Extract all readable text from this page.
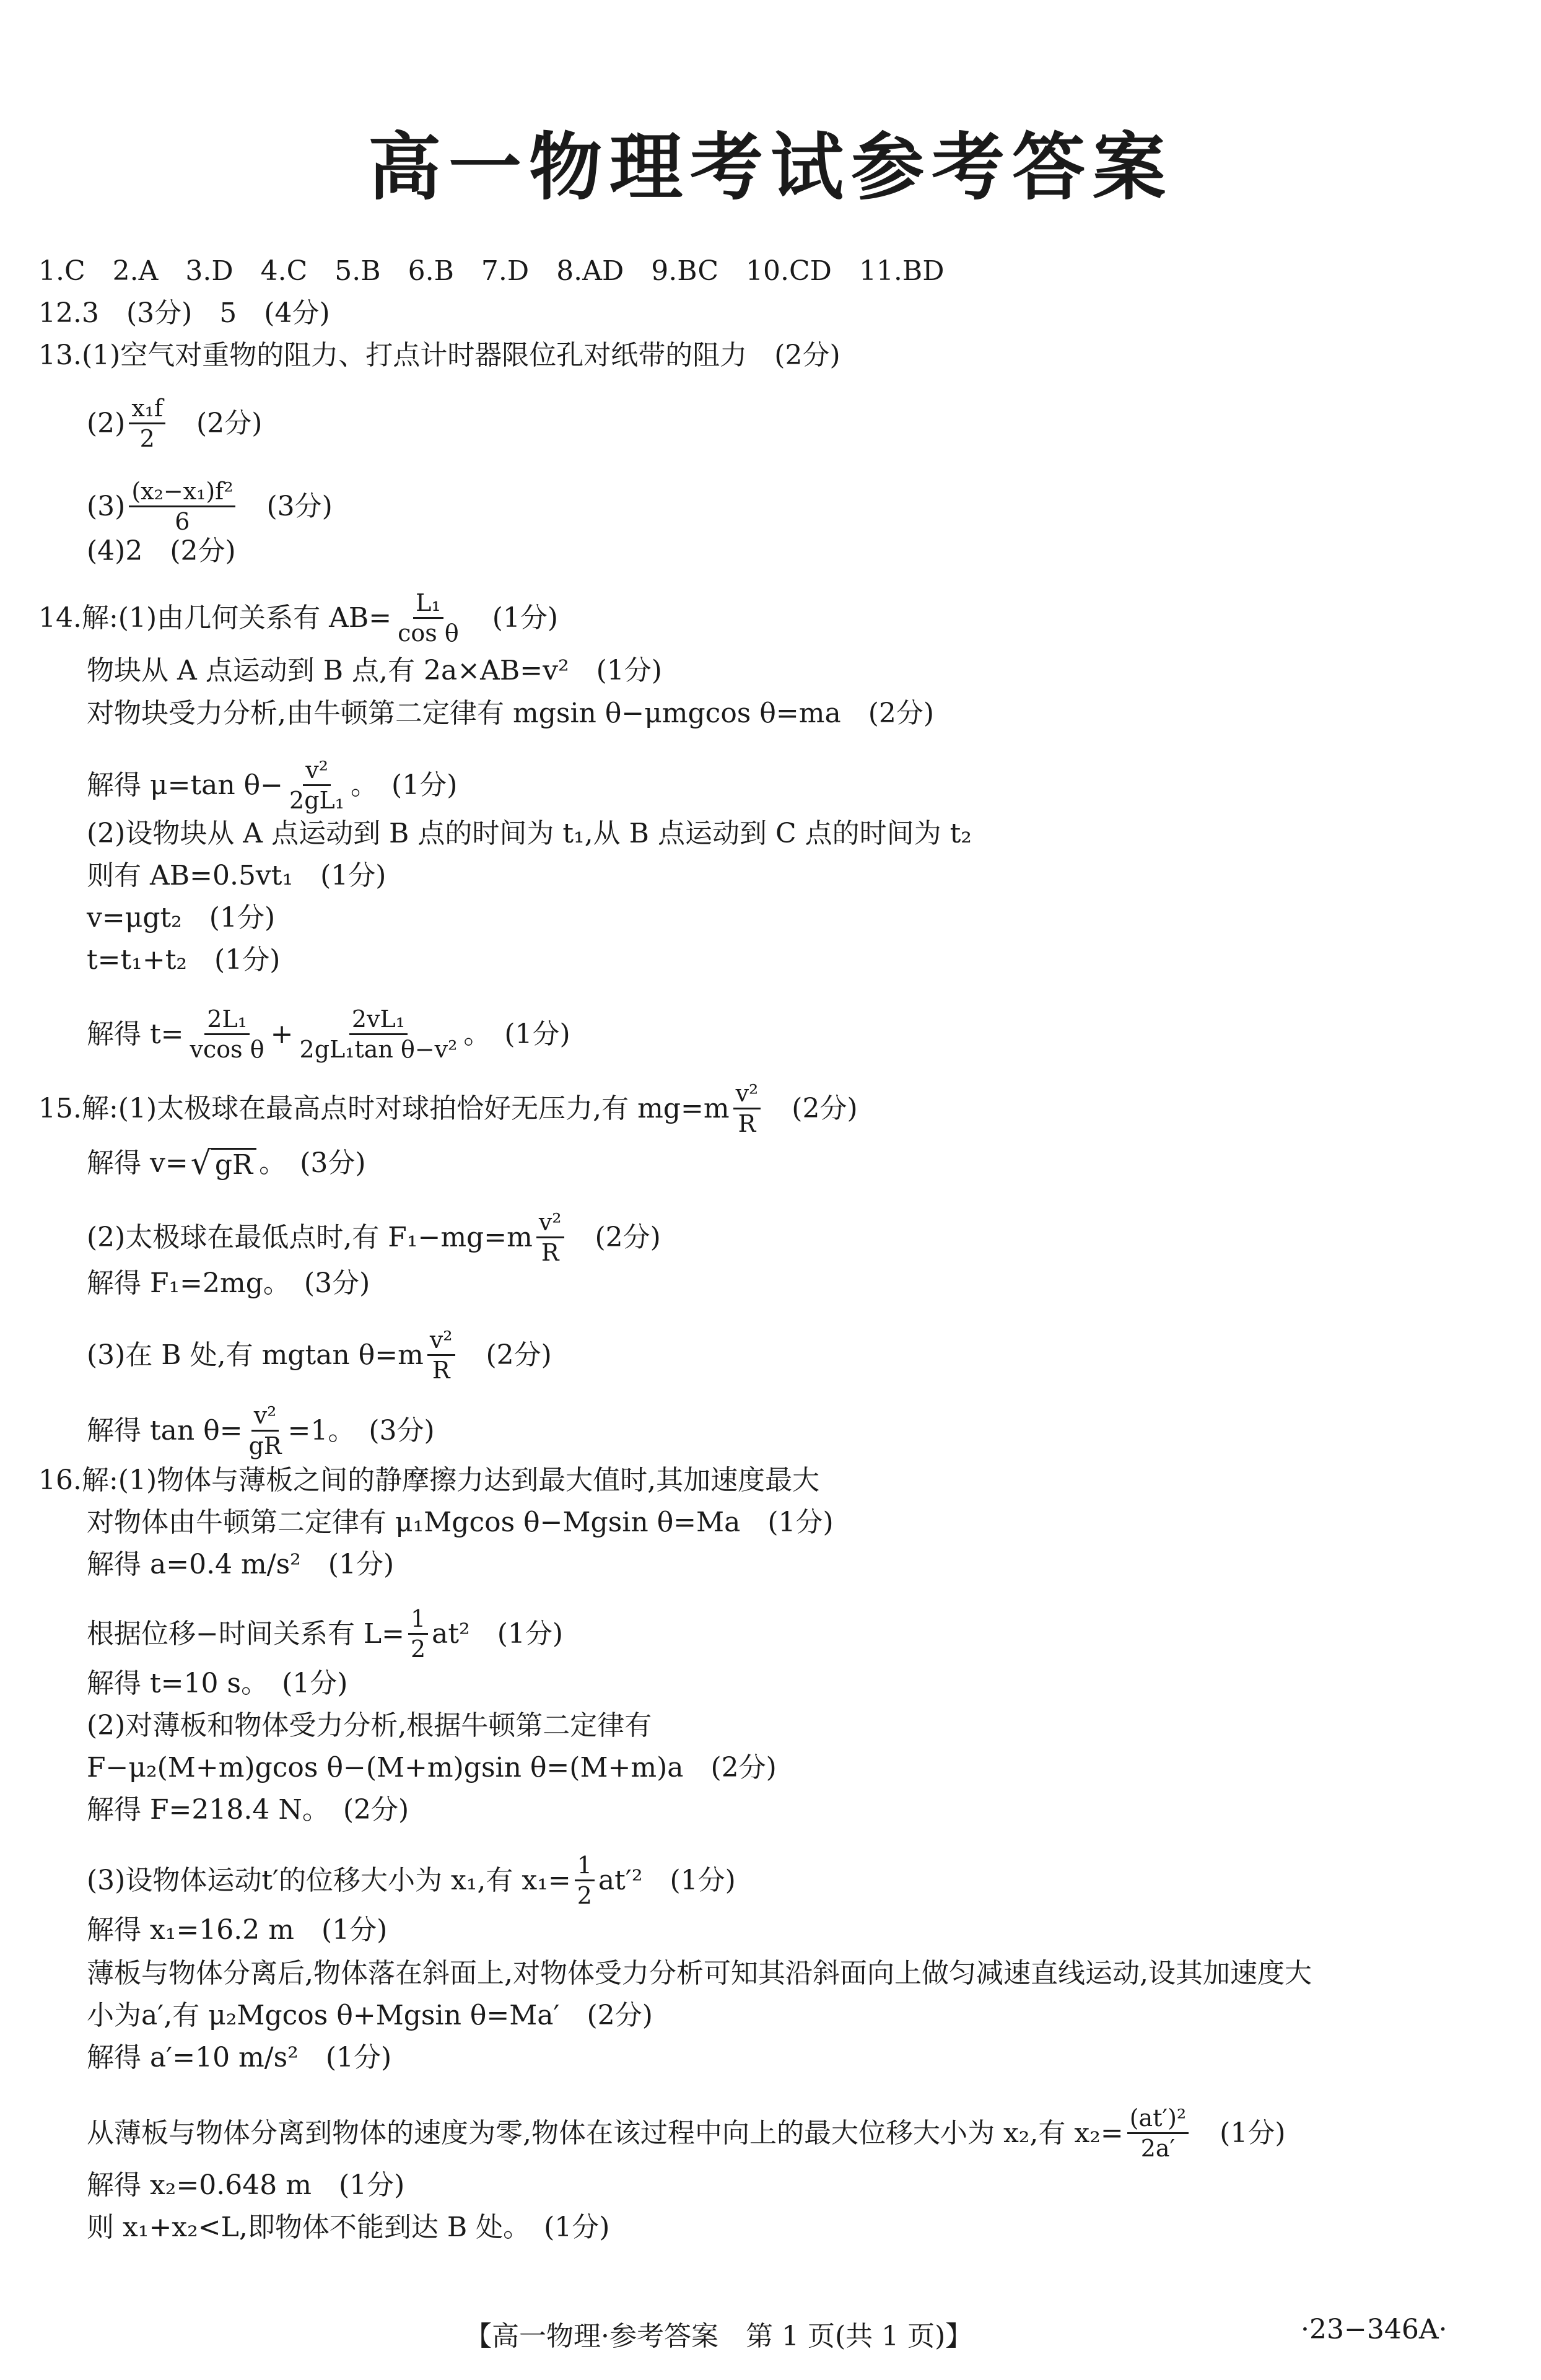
高一物理考试参考答案
1.C　2.A　3.D　4.C　5.B　6.B　7.D　8.AD　9.BC　10.CD　11.BD
12.3　(3分)　5　(4分)
13.(1)空气对重物的阻力、打点计时器限位孔对纸带的阻力　(2分)
$(2) \frac{\text{x₁f}}{2}$ 　(2分)
$(3) \frac{\text{(x₂−x₁)f²}}{6}$ 　(3分)
(4)2　(2分)
14.解:(1)由几何关系有 $AB= \frac{\text{L₁}}{\text{cos θ}}$ 　(1分)
物块从 A 点运动到 B 点,有 2a×AB=v²　(1分)
对物块受力分析,由牛顿第二定律有 mgsin θ−μmgcos θ=ma　(2分)
解得 μ=tan $\theta- \frac{\text{v²}}{\text{2gL₁}}$ 。　(1分)
(2)设物块从 A 点运动到 B 点的时间为 t₁,从 B 点运动到 C 点的时间为 t₂
则有 AB=0.5vt₁　(1分)
v=μgt₂　(1分)
t=t₁+t₂　(1分)
解得 $t= \frac{\text{2L₁}}{\text{vcos θ}} + \frac{\text{2vL₁}}{\text{2gL₁tan θ−v²}}$ 。　(1分)
15.解:(1)太极球在最高点时对球拍恰好无压力,有 $mg=m \frac{\text{v²}}{R}$ 　(2分)
解得 v= √ gR 。　(3分)
(2)太极球在最低点时,有 $F_1-mg=m \frac{\text{v²}}{R}$ 　(2分)
解得 F₁=2mg。　(3分)
(3)在 B 处,有 mgtan $\theta=m \frac{\text{v²}}{R}$ 　(2分)
解得 $\tan \theta= \frac{\text{v²}}{gR} =1$。　(3分)
16.解:(1)物体与薄板之间的静摩擦力达到最大值时,其加速度最大
对物体由牛顿第二定律有 μ₁Mgcos θ−Mgsin θ=Ma　(1分)
解得 a=0.4 m/s²　(1分)
根据位移−时间关系有 $L= \frac{1}{2} at^2$　(1分)
解得 t=10 s。　(1分)
(2)对薄板和物体受力分析,根据牛顿第二定律有
F−μ₂(M+m)gcos θ−(M+m)gsin θ=(M+m)a　(2分)
解得 F=218.4 N。　(2分)
(3)设物体运动t′的位移大小为 x₁,有 $x_1= \frac{1}{2} at'^2$　(1分)
解得 x₁=16.2 m　(1分)
薄板与物体分离后,物体落在斜面上,对物体受力分析可知其沿斜面向上做匀减速直线运动,设其加速度大
小为a′,有 μ₂Mgcos θ+Mgsin θ=Ma′　(2分)
解得 a′=10 m/s²　(1分)
从薄板与物体分离到物体的速度为零,物体在该过程中向上的最大位移大小为 x₂,有 $x_2= \frac{\text{(at′)²}}{2a'}$ 　(1分)
解得 x₂=0.648 m　(1分)
则 x₁+x₂<L,即物体不能到达 B 处。　(1分)
【高一物理·参考答案　第 1 页(共 1 页)】	·23−346A·
